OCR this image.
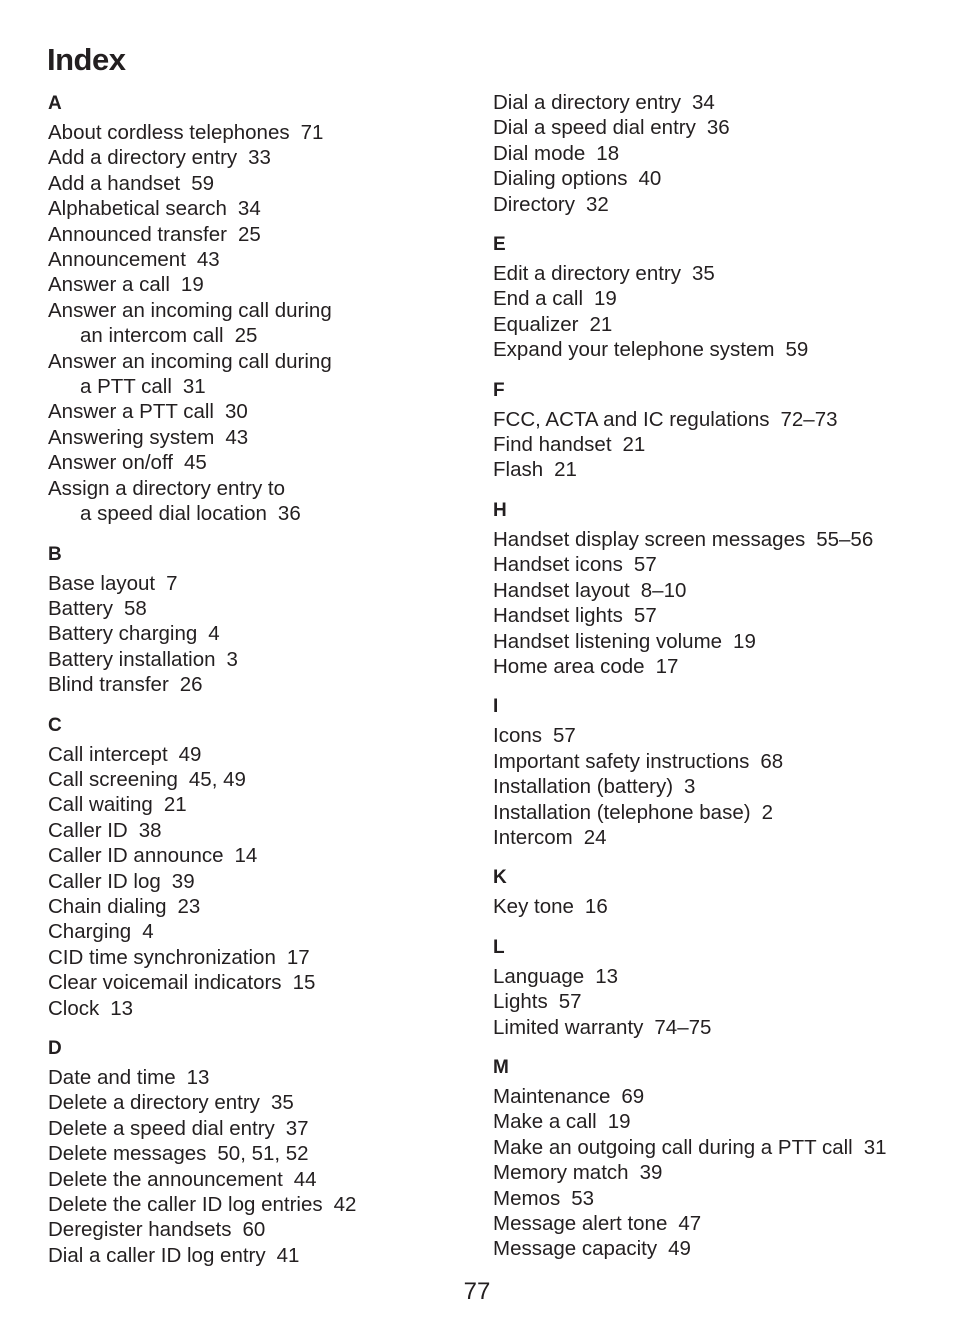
Index
A
About cordless telephones 71
Add a directory entry 33
Add a handset 59
Alphabetical search 34
Announced transfer 25
Announcement 43
Answer a call 19
Answer an incoming call during
an intercom call 25
Answer an incoming call during
a PTT call 31
Answer a PTT call 30
Answering system 43
Answer on/off 45
Assign a directory entry to
a speed dial location 36
B
Base layout 7
Battery 58
Battery charging 4
Battery installation 3
Blind transfer 26
C
Call intercept 49
Call screening 45, 49
Call waiting 21
Caller ID 38
Caller ID announce 14
Caller ID log 39
Chain dialing 23
Charging 4
CID time synchronization 17
Clear voicemail indicators 15
Clock 13
D
Date and time 13
Delete a directory entry 35
Delete a speed dial entry 37
Delete messages 50, 51, 52
Delete the announcement 44
Delete the caller ID log entries 42
Deregister handsets 60
Dial a caller ID log entry 41
Dial a directory entry 34
Dial a speed dial entry 36
Dial mode 18
Dialing options 40
Directory 32
E
Edit a directory entry 35
End a call 19
Equalizer 21
Expand your telephone system 59
F
FCC, ACTA and IC regulations 72–73
Find handset 21
Flash 21
H
Handset display screen messages 55–56
Handset icons 57
Handset layout 8–10
Handset lights 57
Handset listening volume 19
Home area code 17
I
Icons 57
Important safety instructions 68
Installation (battery) 3
Installation (telephone base) 2
Intercom 24
K
Key tone 16
L
Language 13
Lights 57
Limited warranty 74–75
M
Maintenance 69
Make a call 19
Make an outgoing call during a PTT call 31
Memory match 39
Memos 53
Message alert tone 47
Message capacity 49
77
